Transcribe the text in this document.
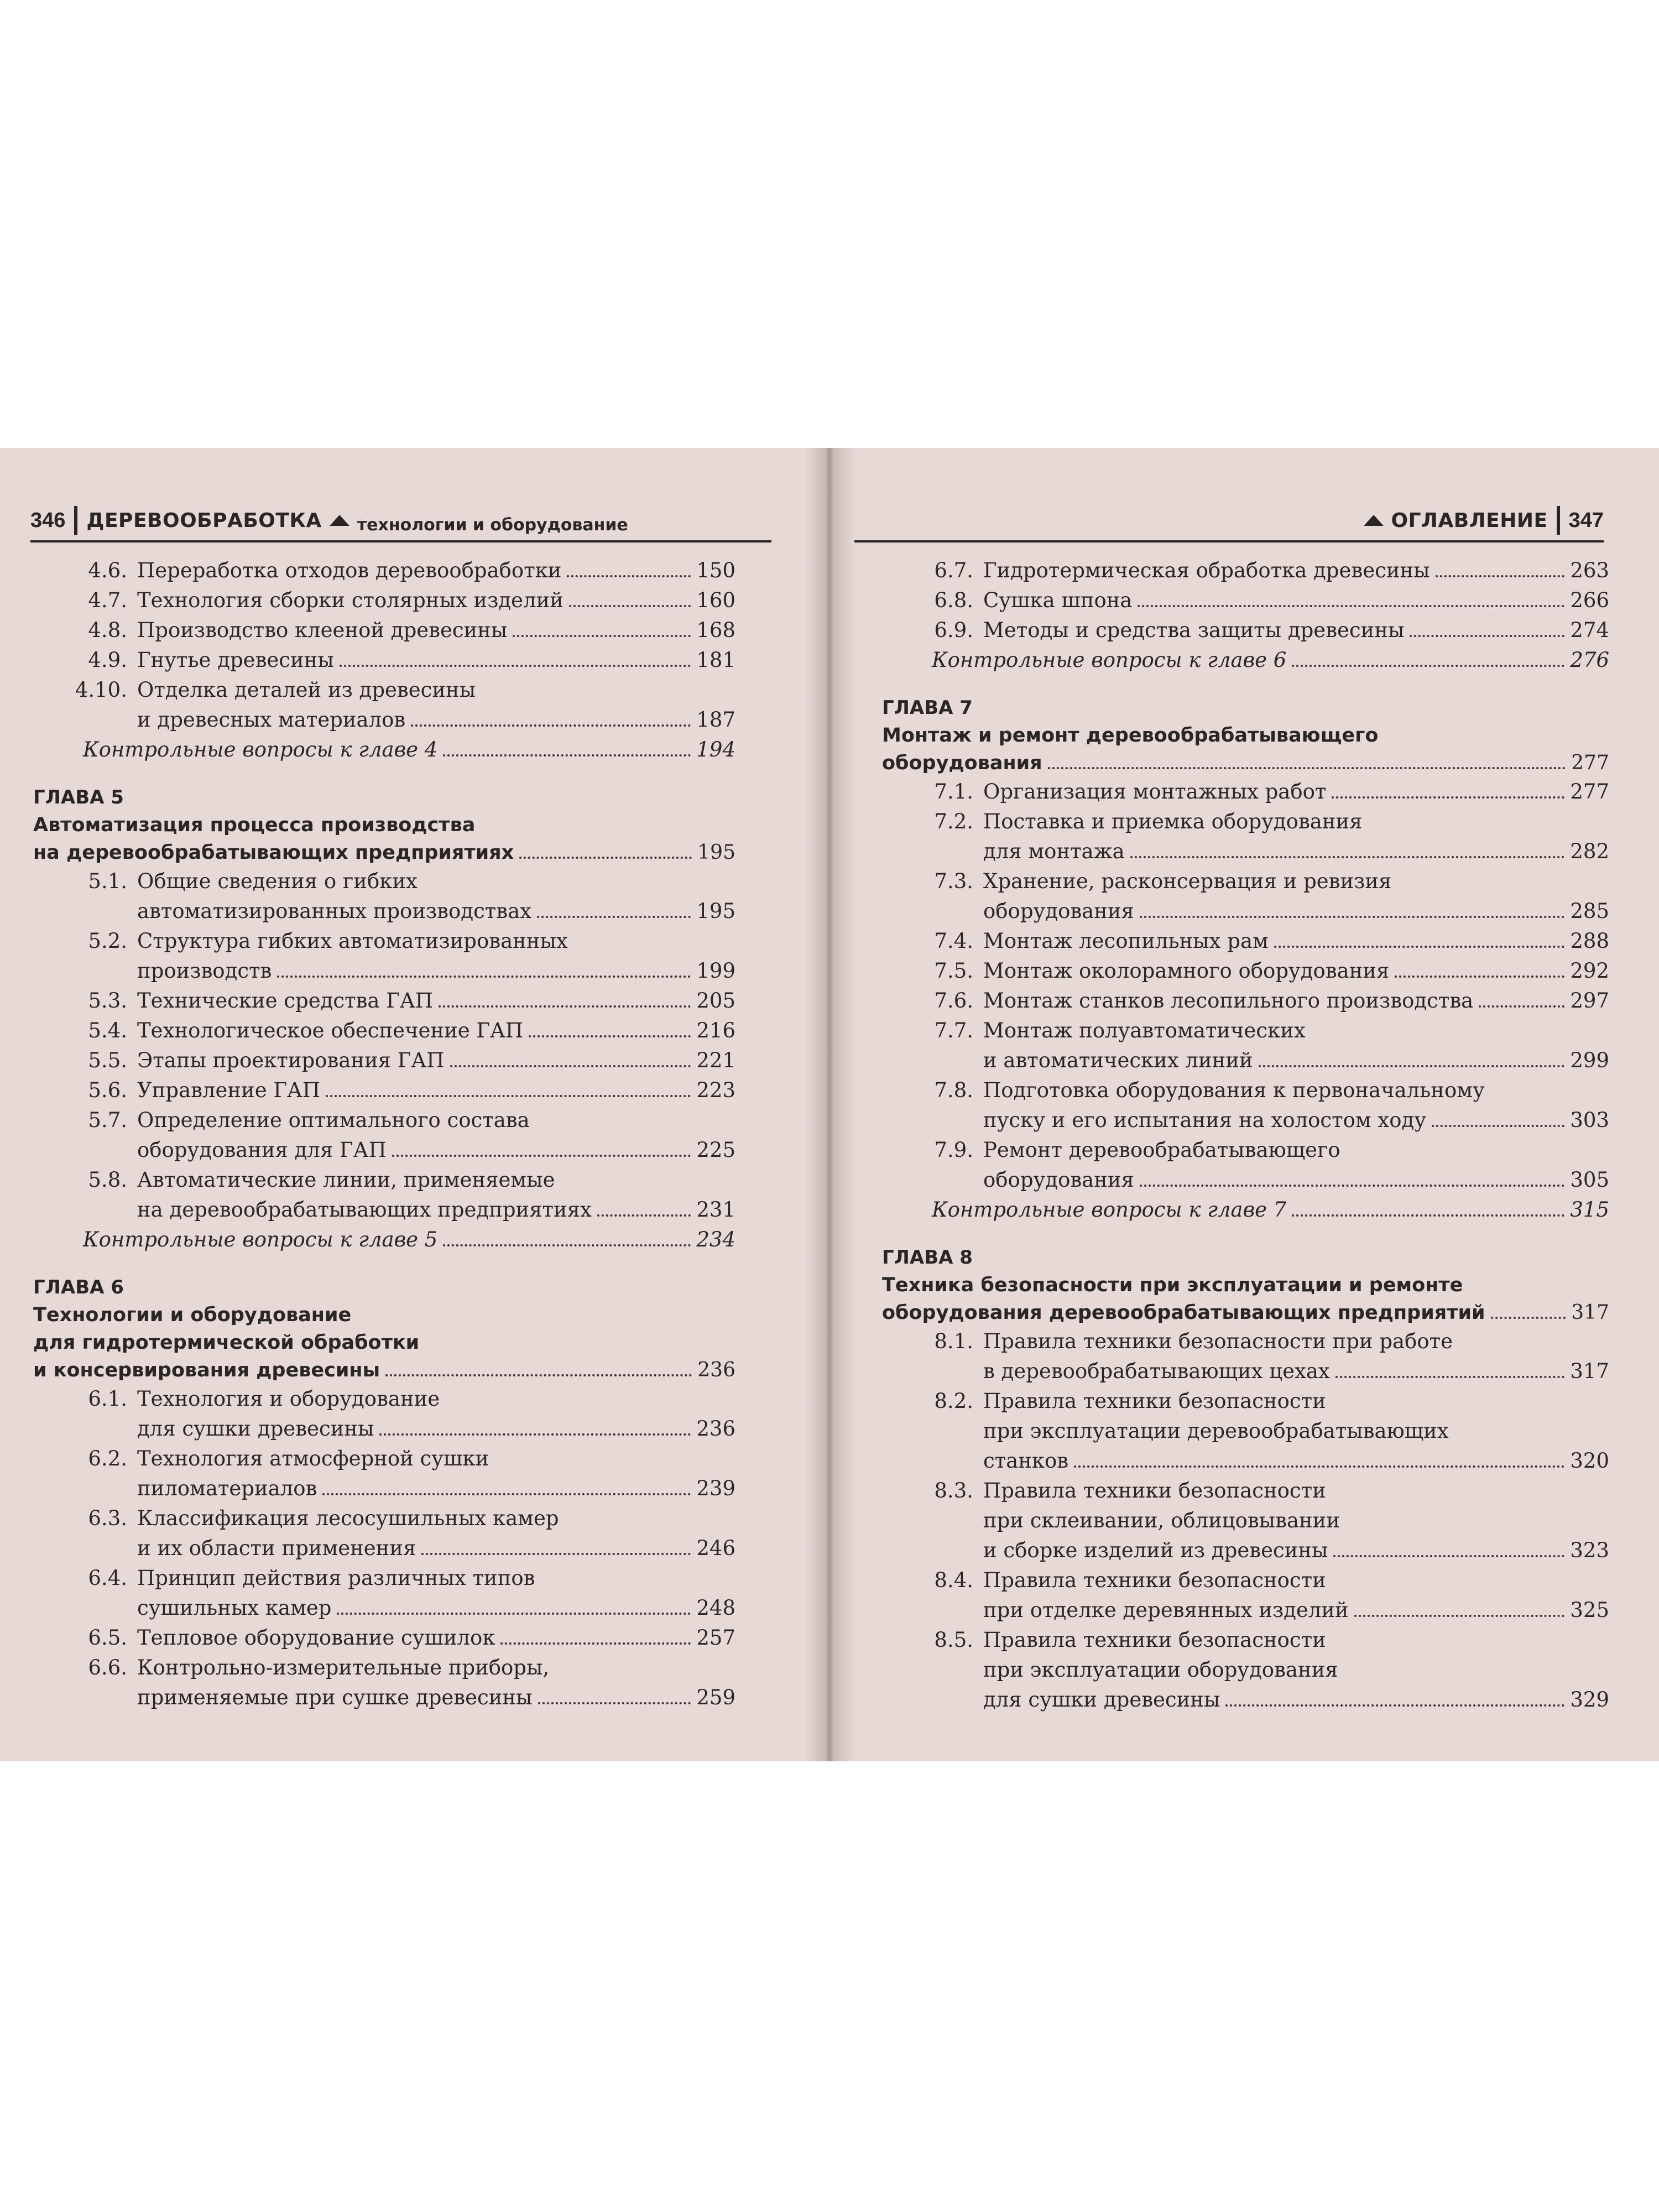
346 ДЕРЕВООБРАБОТКА технологии и оборудование
4.6. Переработка отходов деревообработки	150
4.7. Технология сборки столярных изделий	160
4.8. Производство клееной древесины	168
4.9. Гнутье древесины	181
4.10. Отделка деталей из древесины
и древесных материалов	187
Контрольные вопросы к главе 4	194
ГЛАВА 5
Автоматизация процесса производства
на деревообрабатывающих предприятиях	195
5.1. Общие сведения о гибких
автоматизированных производствах	195
5.2. Структура гибких автоматизированных
производств	199
5.3. Технические средства ГАП	205
5.4. Технологическое обеспечение ГАП	216
5.5. Этапы проектирования ГАП	221
5.6. Управление ГАП	223
5.7. Определение оптимального состава
оборудования для ГАП	225
5.8. Автоматические линии, применяемые
на деревообрабатывающих предприятиях	231
Контрольные вопросы к главе 5	234
ГЛАВА 6
Технологии и оборудование
для гидротермической обработки
и консервирования древесины	236
6.1. Технология и оборудование
для сушки древесины	236
6.2. Технология атмосферной сушки
пиломатериалов	239
6.3. Классификация лесосушильных камер
и их области применения	246
6.4. Принцип действия различных типов
сушильных камер	248
6.5. Тепловое оборудование сушилок	257
6.6. Контрольно-измерительные приборы,
применяемые при сушке древесины	259
ОГЛАВЛЕНИЕ 347
6.7. Гидротермическая обработка древесины	263
6.8. Сушка шпона	266
6.9. Методы и средства защиты древесины	274
Контрольные вопросы к главе 6	276
ГЛАВА 7
Монтаж и ремонт деревообрабатывающего
оборудования	277
7.1. Организация монтажных работ	277
7.2. Поставка и приемка оборудования
для монтажа	282
7.3. Хранение, расконсервация и ревизия
оборудования	285
7.4. Монтаж лесопильных рам	288
7.5. Монтаж околорамного оборудования	292
7.6. Монтаж станков лесопильного производства	297
7.7. Монтаж полуавтоматических
и автоматических линий	299
7.8. Подготовка оборудования к первоначальному
пуску и его испытания на холостом ходу	303
7.9. Ремонт деревообрабатывающего
оборудования	305
Контрольные вопросы к главе 7	315
ГЛАВА 8
Техника безопасности при эксплуатации и ремонте
оборудования деревообрабатывающих предприятий	317
8.1. Правила техники безопасности при работе
в деревообрабатывающих цехах	317
8.2. Правила техники безопасности
при эксплуатации деревообрабатывающих
станков	320
8.3. Правила техники безопасности
при склеивании, облицовывании
и сборке изделий из древесины	323
8.4. Правила техники безопасности
при отделке деревянных изделий	325
8.5. Правила техники безопасности
при эксплуатации оборудования
для сушки древесины	329
